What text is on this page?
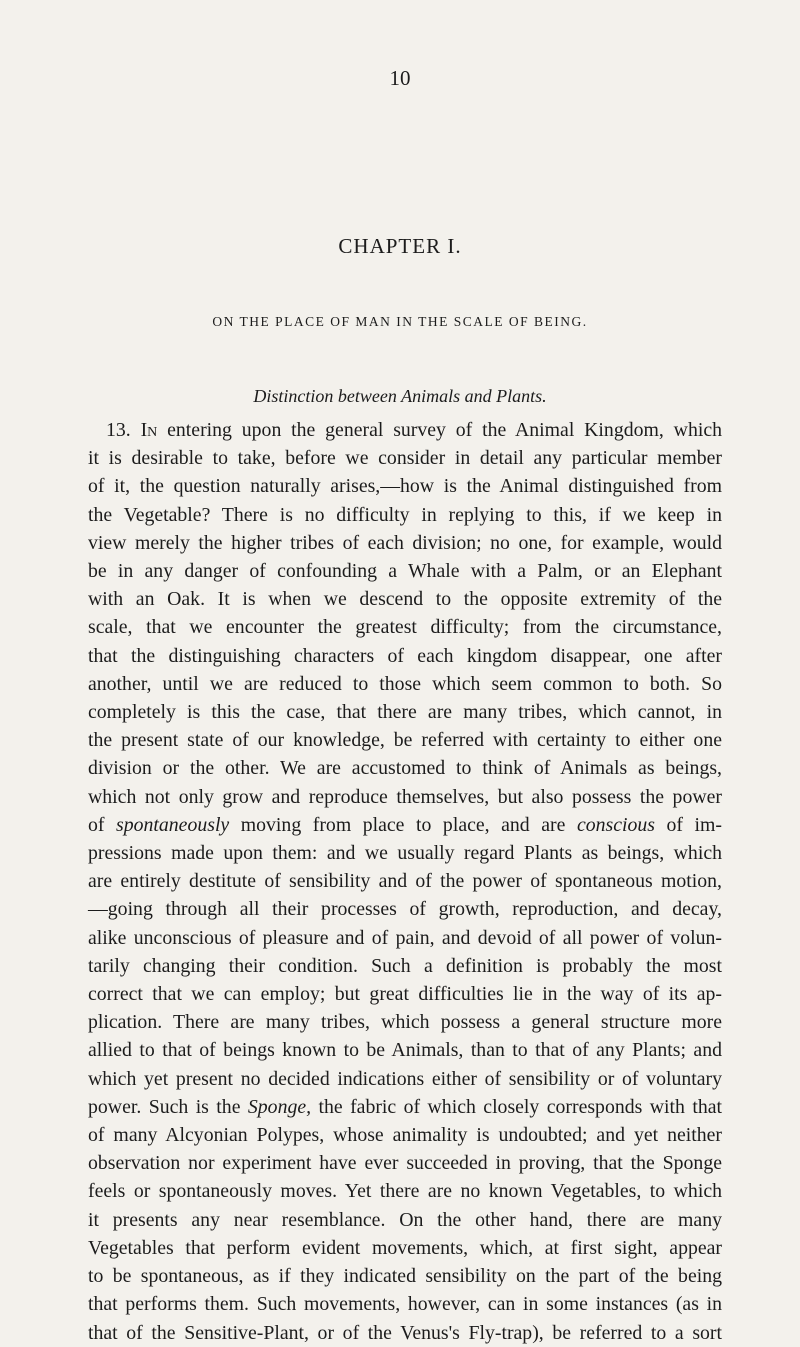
10
CHAPTER I.
ON THE PLACE OF MAN IN THE SCALE OF BEING.
Distinction between Animals and Plants.
13. In entering upon the general survey of the Animal Kingdom, which
it is desirable to take, before we consider in detail any particular member
of it, the question naturally arises,—how is the Animal distinguished from
the Vegetable? There is no difficulty in replying to this, if we keep in
view merely the higher tribes of each division; no one, for example, would
be in any danger of confounding a Whale with a Palm, or an Elephant
with an Oak. It is when we descend to the opposite extremity of the
scale, that we encounter the greatest difficulty; from the circumstance,
that the distinguishing characters of each kingdom disappear, one after
another, until we are reduced to those which seem common to both. So
completely is this the case, that there are many tribes, which cannot, in
the present state of our knowledge, be referred with certainty to either one
division or the other. We are accustomed to think of Animals as beings,
which not only grow and reproduce themselves, but also possess the power
of spontaneously moving from place to place, and are conscious of im-
pressions made upon them: and we usually regard Plants as beings, which
are entirely destitute of sensibility and of the power of spontaneous motion,
—going through all their processes of growth, reproduction, and decay,
alike unconscious of pleasure and of pain, and devoid of all power of volun-
tarily changing their condition. Such a definition is probably the most
correct that we can employ; but great difficulties lie in the way of its ap-
plication. There are many tribes, which possess a general structure more
allied to that of beings known to be Animals, than to that of any Plants; and
which yet present no decided indications either of sensibility or of voluntary
power. Such is the Sponge, the fabric of which closely corresponds with that
of many Alcyonian Polypes, whose animality is undoubted; and yet neither
observation nor experiment have ever succeeded in proving, that the Sponge
feels or spontaneously moves. Yet there are no known Vegetables, to which
it presents any near resemblance. On the other hand, there are many
Vegetables that perform evident movements, which, at first sight, appear
to be spontaneous, as if they indicated sensibility on the part of the being
that performs them. Such movements, however, can in some instances (as in
that of the Sensitive-Plant, or of the Venus's Fly-trap), be referred to a sort
